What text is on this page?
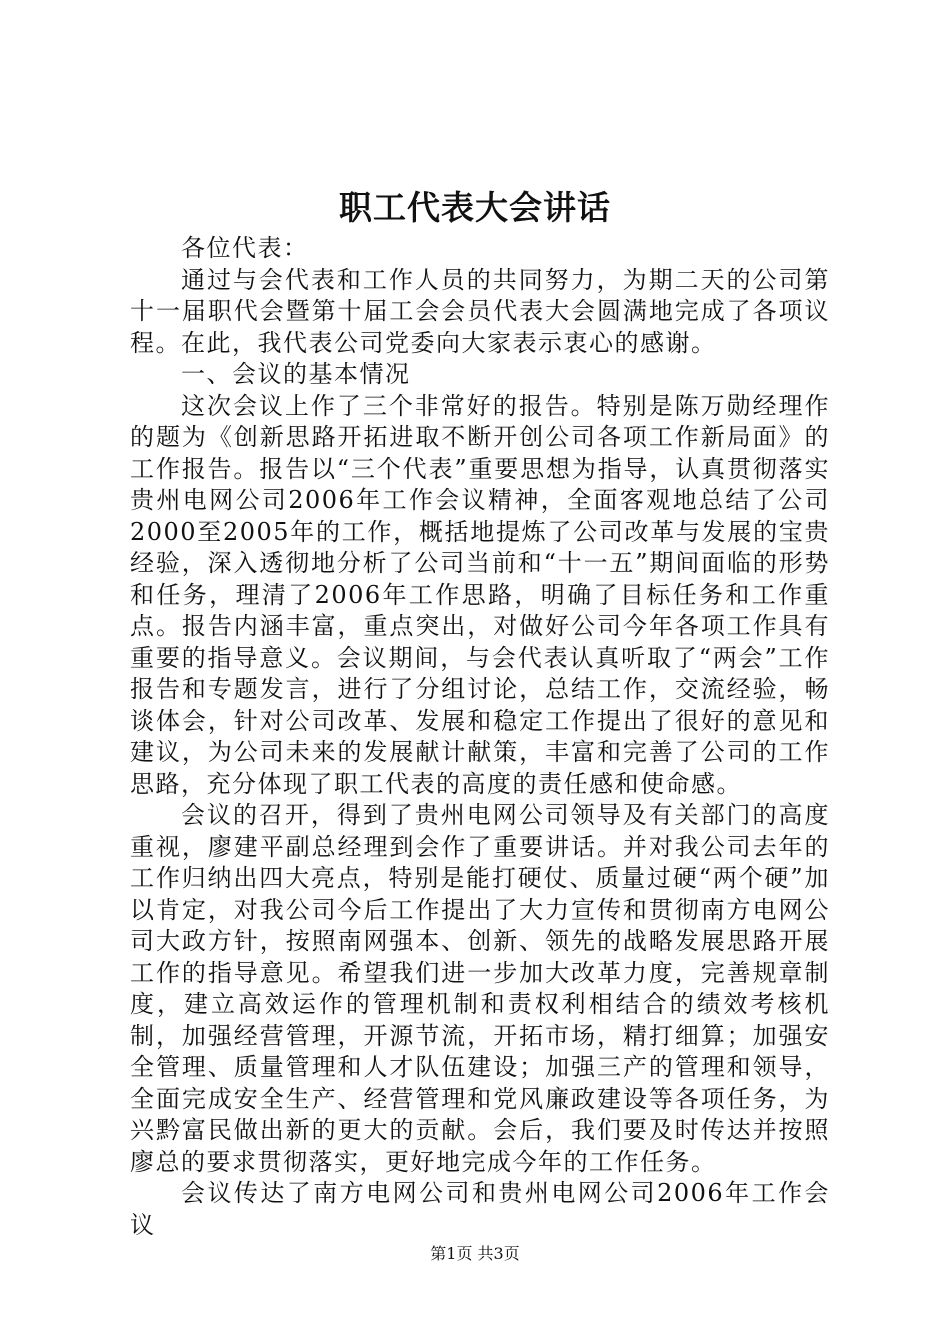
职工代表大会讲话

各位代表：

通过与会代表和工作人员的共同努力，为期二天的公司第十一届职代会暨第十届工会会员代表大会圆满地完成了各项议程。在此，我代表公司党委向大家表示衷心的感谢。

一、会议的基本情况

这次会议上作了三个非常好的报告。特别是陈万勋经理作的题为《创新思路开拓进取不断开创公司各项工作新局面》的工作报告。报告以“三个代表”重要思想为指导，认真贯彻落实贵州电网公司2006年工作会议精神，全面客观地总结了公司2000至2005年的工作，概括地提炼了公司改革与发展的宝贵经验，深入透彻地分析了公司当前和“十一五”期间面临的形势和任务，理清了2006年工作思路，明确了目标任务和工作重点。报告内涵丰富，重点突出，对做好公司今年各项工作具有重要的指导意义。会议期间，与会代表认真听取了“两会”工作报告和专题发言，进行了分组讨论，总结工作，交流经验，畅谈体会，针对公司改革、发展和稳定工作提出了很好的意见和建议，为公司未来的发展献计献策，丰富和完善了公司的工作思路，充分体现了职工代表的高度的责任感和使命感。

会议的召开，得到了贵州电网公司领导及有关部门的高度重视，廖建平副总经理到会作了重要讲话。并对我公司去年的工作归纳出四大亮点，特别是能打硬仗、质量过硬“两个硬”加以肯定，对我公司今后工作提出了大力宣传和贯彻南方电网公司大政方针，按照南网强本、创新、领先的战略发展思路开展工作的指导意见。希望我们进一步加大改革力度，完善规章制度，建立高效运作的管理机制和责权利相结合的绩效考核机制，加强经营管理，开源节流，开拓市场，精打细算；加强安全管理、质量管理和人才队伍建设；加强三产的管理和领导，全面完成安全生产、经营管理和党风廉政建设等各项任务，为兴黔富民做出新的更大的贡献。会后，我们要及时传达并按照廖总的要求贯彻落实，更好地完成今年的工作任务。

会议传达了南方电网公司和贵州电网公司2006年工作会议

第1页 共3页
